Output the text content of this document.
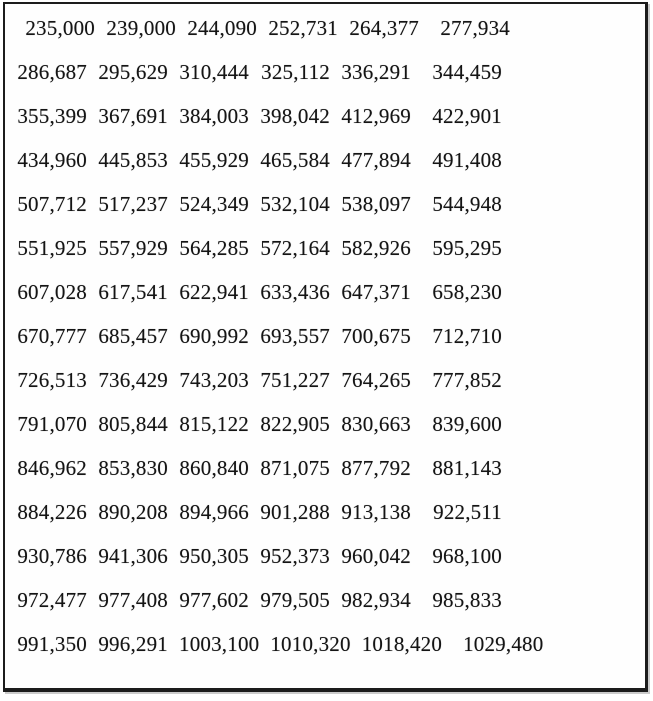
235,000 239,000 244,090 252,731 264,377 277,934
286,687 295,629 310,444 325,112 336,291 344,459
355,399 367,691 384,003 398,042 412,969 422,901
434,960 445,853 455,929 465,584 477,894 491,408
507,712 517,237 524,349 532,104 538,097 544,948
551,925 557,929 564,285 572,164 582,926 595,295
607,028 617,541 622,941 633,436 647,371 658,230
670,777 685,457 690,992 693,557 700,675 712,710
726,513 736,429 743,203 751,227 764,265 777,852
791,070 805,844 815,122 822,905 830,663 839,600
846,962 853,830 860,840 871,075 877,792 881,143
884,226 890,208 894,966 901,288 913,138 922,511
930,786 941,306 950,305 952,373 960,042 968,100
972,477 977,408 977,602 979,505 982,934 985,833
991,350 996,291 1003,100 1010,320 1018,420 1029,480
